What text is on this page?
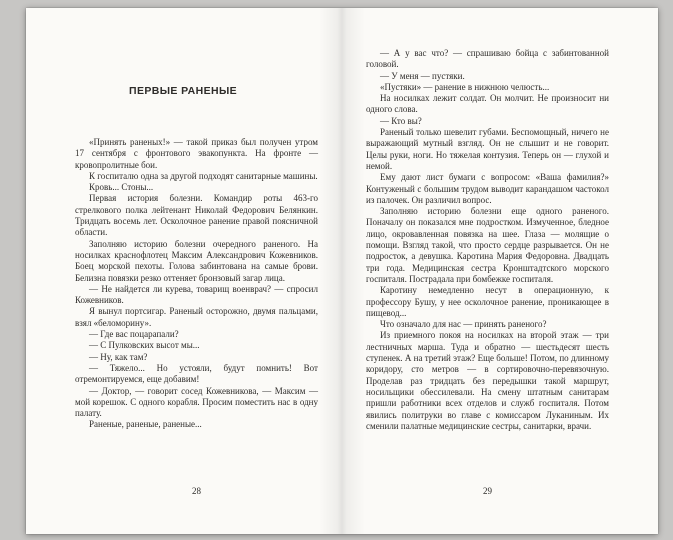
ПЕРВЫЕ РАНЕНЫЕ

«Принять раненых!» — такой приказ был получен утром 17 сентября с фронтового эвакопункта. На фронте — кровопролитные бои.

К госпиталю одна за другой подходят санитарные машины.

Кровь... Стоны...

Первая история болезни. Командир роты 463-го стрелкового полка лейтенант Николай Федорович Белянкин. Тридцать восемь лет. Осколочное ранение правой поясничной области.

Заполняю историю болезни очередного раненого. На носилках краснофлотец Максим Александрович Кожевников. Боец морской пехоты. Голова забинтована на самые брови. Белизна повязки резко оттеняет бронзовый загар лица.

— Не найдется ли курева, товарищ военврач? — спросил Кожевников.

Я вынул портсигар. Раненый осторожно, двумя пальцами, взял «беломорину».

— Где вас поцарапали?

— С Пулковских высот мы...

— Ну, как там?

— Тяжело... Но устояли, будут помнить! Вот отремонтируемся, еще добавим!

— Доктор, — говорит сосед Кожевникова, — Максим — мой корешок. С одного корабля. Просим поместить нас в одну палату.

Раненые, раненые, раненые...

28

— А у вас что? — спрашиваю бойца с забинтованной головой.

— У меня — пустяки.

«Пустяки» — ранение в нижнюю челюсть...

На носилках лежит солдат. Он молчит. Не произносит ни одного слова.

— Кто вы?

Раненый только шевелит губами. Беспомощный, ничего не выражающий мутный взгляд. Он не слышит и не говорит. Целы руки, ноги. Но тяжелая контузия. Теперь он — глухой и немой.

Ему дают лист бумаги с вопросом: «Ваша фамилия?» Контуженый с большим трудом выводит карандашом частокол из палочек. Он различил вопрос.

Заполняю историю болезни еще одного раненого. Поначалу он показался мне подростком. Измученное, бледное лицо, окровавленная повязка на шее. Глаза — молящие о помощи. Взгляд такой, что просто сердце разрывается. Он не подросток, а девушка. Каротина Мария Федоровна. Двадцать три года. Медицинская сестра Кронштадтского морского госпиталя. Пострадала при бомбежке госпиталя.

Каротину немедленно несут в операционную, к профессору Бушу, у нее осколочное ранение, проникающее в пищевод...

Что означало для нас — принять раненого?

Из приемного покоя на носилках на второй этаж — три лестничных марша. Туда и обратно — шестьдесят шесть ступенек. А на третий этаж? Еще больше! Потом, по длинному коридору, сто метров — в сортировочно-перевязочную. Проделав раз тридцать без передышки такой маршрут, носильщики обессилевали. На смену штатным санитарам пришли работники всех отделов и служб госпиталя. Потом явились политруки во главе с комиссаром Луканиным. Их сменили палатные медицинские сестры, санитарки, врачи.

29
